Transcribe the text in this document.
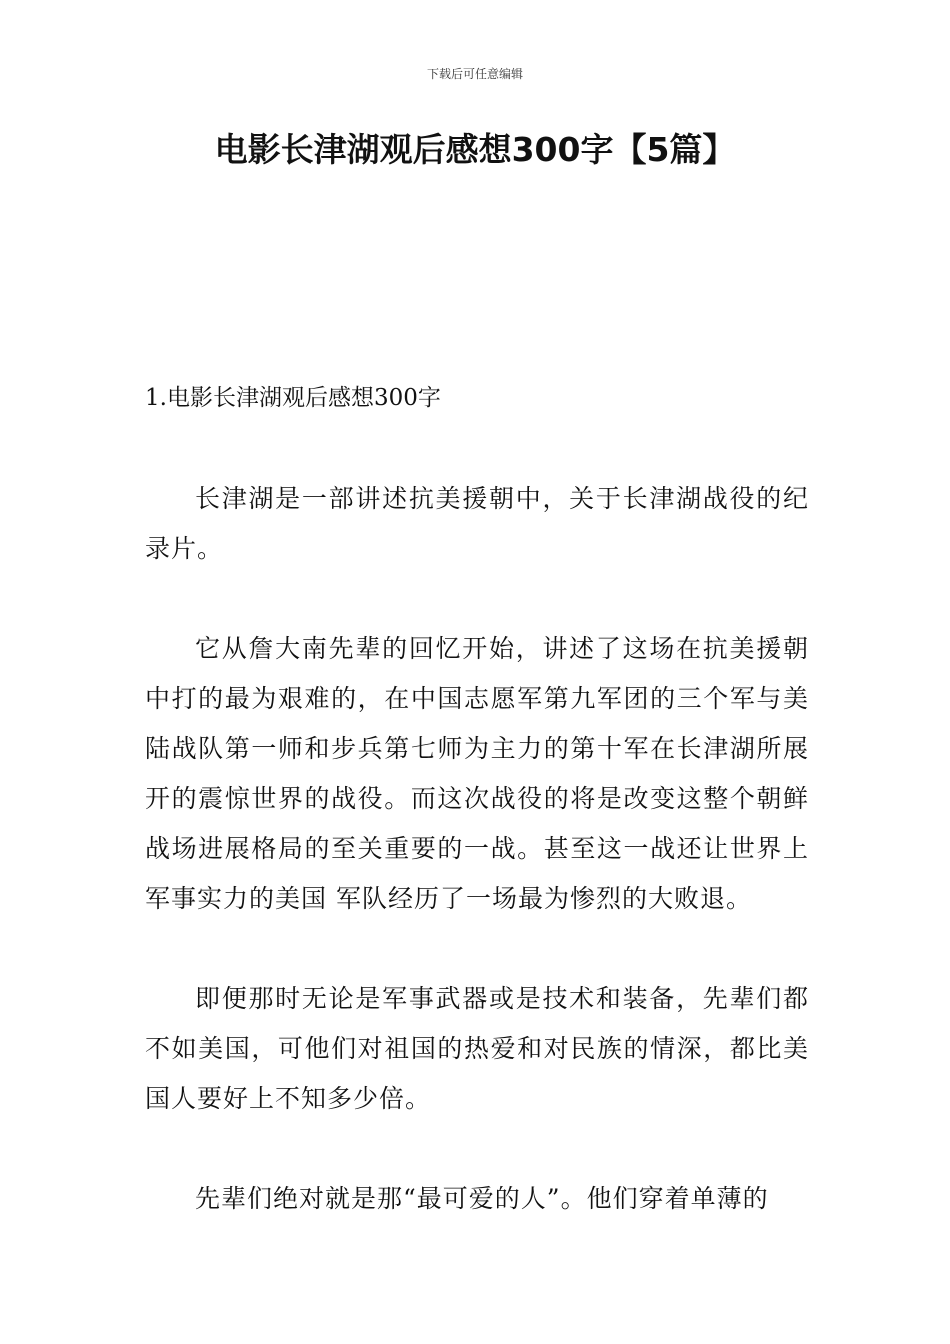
下载后可任意编辑
电影长津湖观后感想300字【5篇】
1.电影长津湖观后感想300字

长津湖是一部讲述抗美援朝中，关于长津湖战役的纪录片。

它从詹大南先辈的回忆开始，讲述了这场在抗美援朝中打的最为艰难的，在中国志愿军第九军团的三个军与美陆战队第一师和步兵第七师为主力的第十军在长津湖所展开的震惊世界的战役。而这次战役的将是改变这整个朝鲜战场进展格局的至关重要的一战。甚至这一战还让世界上军事实力的美国 军队经历了一场最为惨烈的大败退。

即便那时无论是军事武器或是技术和装备，先辈们都不如美国，可他们对祖国的热爱和对民族的情深，都比美国人要好上不知多少倍。

先辈们绝对就是那“最可爱的人”。他们穿着单薄的
